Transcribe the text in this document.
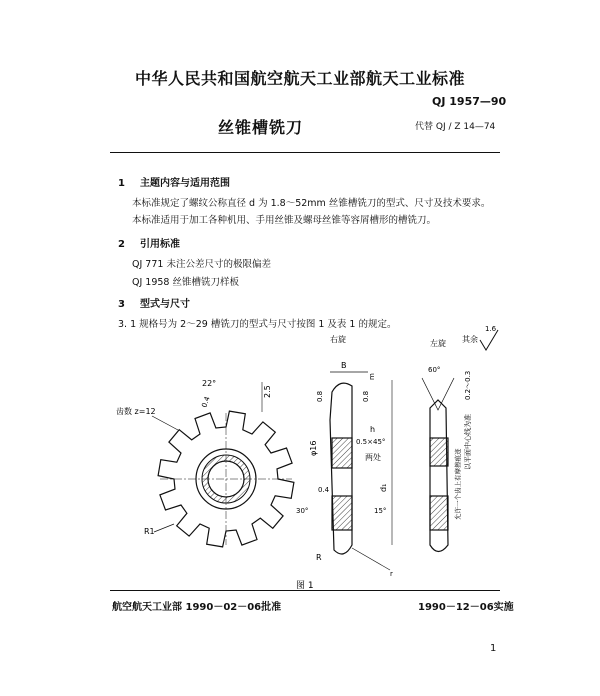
中华人民共和国航空航天工业部航天工业标准
QJ 1957—90
丝锥槽铣刀	代替 QJ / Z 14—74
1 主题内容与适用范围
本标准规定了螺纹公称直径 d 为 1.8～52mm 丝锥槽铣刀的型式、尺寸及技术要求。
本标准适用于加工各种机用、手用丝锥及螺母丝锥等容屑槽形的槽铣刀。
2 引用标准
QJ 771 未注公差尺寸的极限偏差
QJ 1958 丝锥槽铣刀样板
3 型式与尺寸
3. 1 规格号为 2～29 槽铣刀的型式与尺寸按图 1 及表 1 的规定。
其余
1.6
齿数 z=12
22°
0.4
2.5
R1
右旋
B
m
0.8	0.8
φ16
h
0.5×45°
两处
0.4	d₁
30°	15°
R
r
左旋
60°
0.2～0.3
以平面中心线为准
允许一个齿上有摩擦痕迹
图 1
航空航天工业部 1990－02－06批准	1990－12－06实施
1
